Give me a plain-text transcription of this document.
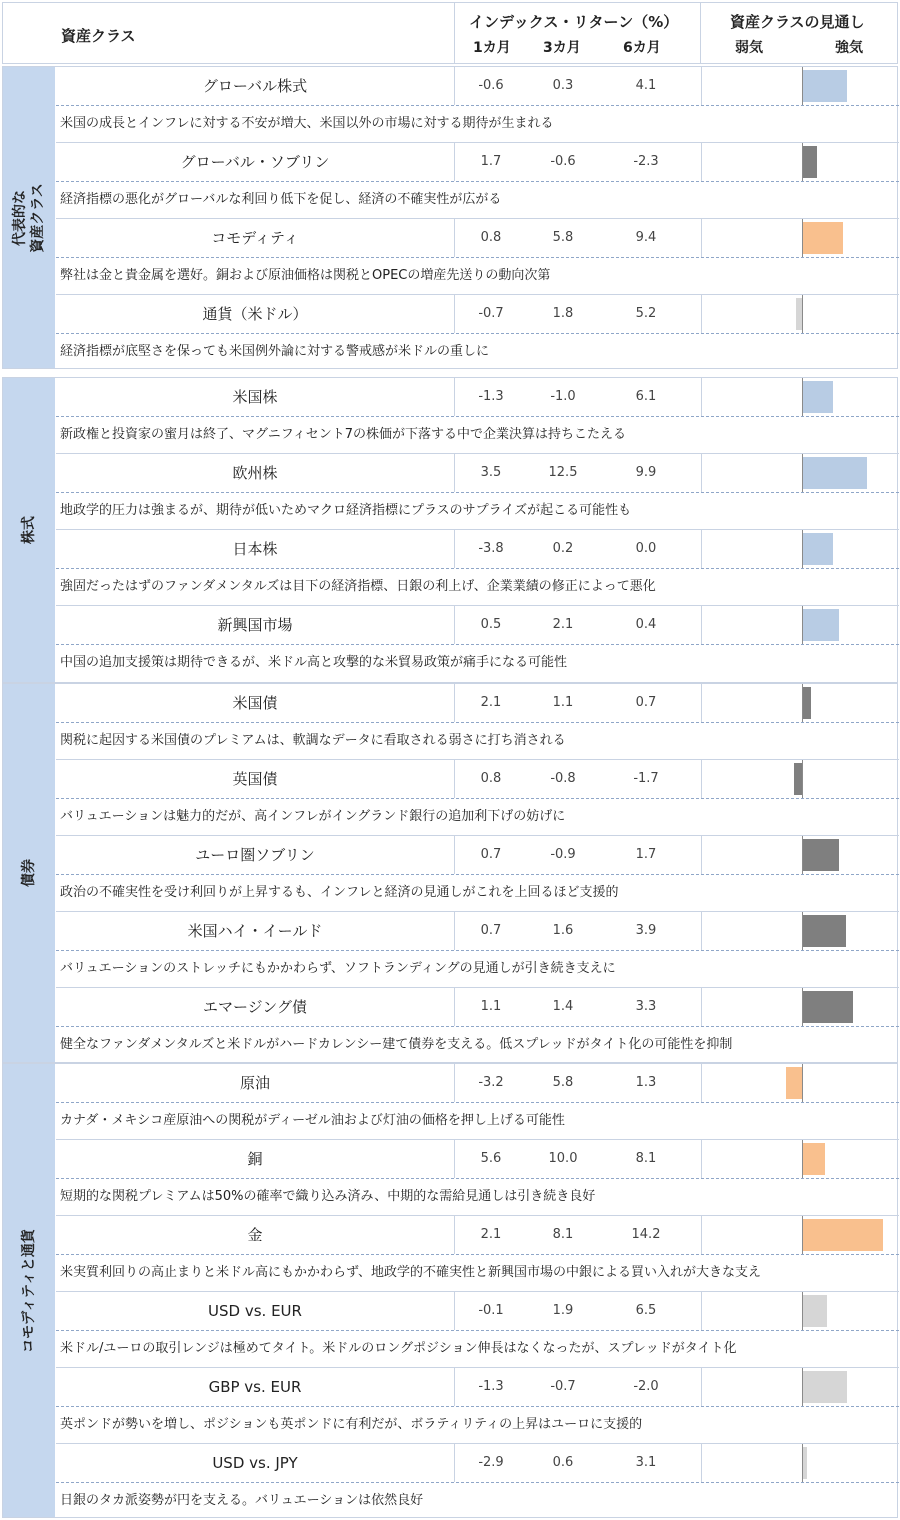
資産クラス
インデックス・リターン（%）
1カ月 3カ月	6カ月
資産クラスの見通し
弱気	強気
代表的な
資産クラス
グローバル株式	-0.6	0.3	4.1
米国の成長とインフレに対する不安が増大、米国以外の市場に対する期待が生まれる
グローバル・ソブリン	1.7	-0.6	-2.3
経済指標の悪化がグローバルな利回り低下を促し、経済の不確実性が広がる
コモディティ	0.8	5.8	9.4
弊社は金と貴金属を選好。銅および原油価格は関税とOPECの増産先送りの動向次第
通貨（米ドル）	-0.7	1.8	5.2
経済指標が底堅さを保っても米国例外論に対する警戒感が米ドルの重しに
株式
米国株	-1.3	-1.0	6.1
新政権と投資家の蜜月は終了、マグニフィセント7の株価が下落する中で企業決算は持ちこたえる
欧州株	3.5	12.5	9.9
地政学的圧力は強まるが、期待が低いためマクロ経済指標にプラスのサプライズが起こる可能性も
日本株	-3.8	0.2	0.0
強固だったはずのファンダメンタルズは目下の経済指標、日銀の利上げ、企業業績の修正によって悪化
新興国市場	0.5	2.1	0.4
中国の追加支援策は期待できるが、米ドル高と攻撃的な米貿易政策が痛手になる可能性
債券
米国債	2.1	1.1	0.7
関税に起因する米国債のプレミアムは、軟調なデータに看取される弱さに打ち消される
英国債	0.8	-0.8	-1.7
バリュエーションは魅力的だが、高インフレがイングランド銀行の追加利下げの妨げに
ユーロ圏ソブリン	0.7	-0.9	1.7
政治の不確実性を受け利回りが上昇するも、インフレと経済の見通しがこれを上回るほど支援的
米国ハイ・イールド	0.7	1.6	3.9
バリュエーションのストレッチにもかかわらず、ソフトランディングの見通しが引き続き支えに
エマージング債	1.1	1.4	3.3
健全なファンダメンタルズと米ドルがハードカレンシー建て債券を支える。低スプレッドがタイト化の可能性を抑制
コモディティと通貨
原油	-3.2	5.8	1.3
カナダ・メキシコ産原油への関税がディーゼル油および灯油の価格を押し上げる可能性
銅	5.6	10.0	8.1
短期的な関税プレミアムは50%の確率で織り込み済み、中期的な需給見通しは引き続き良好
金	2.1	8.1	14.2
米実質利回りの高止まりと米ドル高にもかかわらず、地政学的不確実性と新興国市場の中銀による買い入れが大きな支え
USD vs. EUR	-0.1	1.9	6.5
米ドル/ユーロの取引レンジは極めてタイト。米ドルのロングポジション伸長はなくなったが、スプレッドがタイト化
GBP vs. EUR	-1.3	-0.7	-2.0
英ポンドが勢いを増し、ポジションも英ポンドに有利だが、ボラティリティの上昇はユーロに支援的
USD vs. JPY	-2.9	0.6	3.1
日銀のタカ派姿勢が円を支える。バリュエーションは依然良好
